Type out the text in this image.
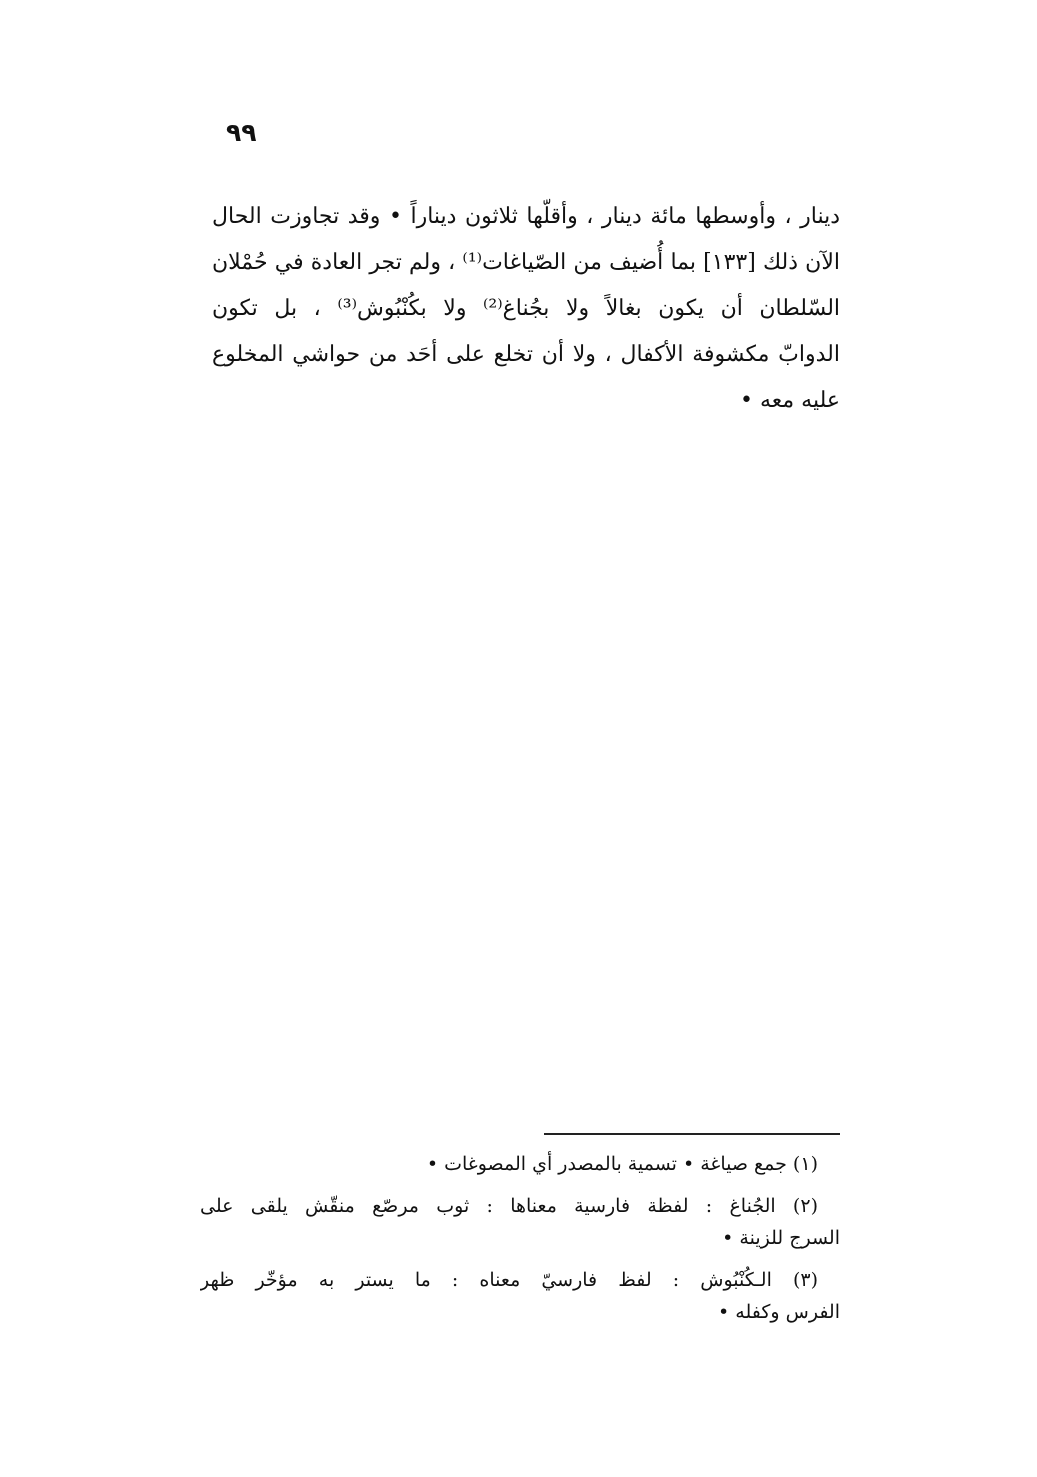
٩٩
دينار ، وأوسطها مائة دينار ، وأقلّها ثلاثون ديناراً • وقد تجاوزت الحال
الآن ذلك [١٣٣] بما أُضيف من الصّياغات⁽¹⁾ ، ولم تجر العادة في حُمْلان
السّلطان أن يكون بغالاً ولا بجُناغ⁽²⁾ ولا بكُنْبُوش⁽³⁾ ، بل تكون
الدوابّ مكشوفة الأكفال ، ولا أن تخلع على أحَد من حواشي المخلوع
عليه معه •
(١) جمع صياغة • تسمية بالمصدر أي المصوغات •
(٢) الجُناغ : لفظة فارسية معناها : ثوب مرصّع منقّش يلقى على
السرج للزينة •
(٣) الـكُنْبُوش : لفظ فارسيّ معناه : ما يستر به مؤخّر ظهر
الفرس وكفله •
